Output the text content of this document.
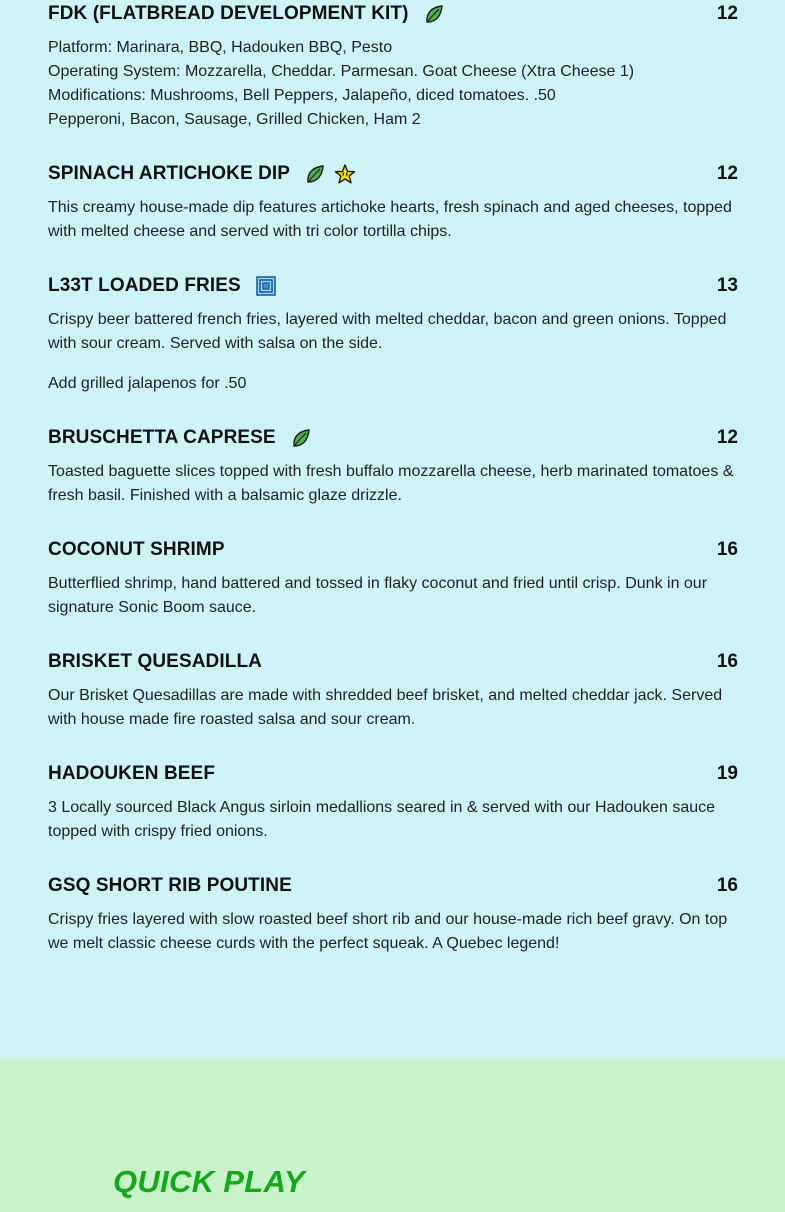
FDK (FLATBREAD DEVELOPMENT KIT)	12

Platform: Marinara, BBQ, Hadouken BBQ, Pesto

Operating System: Mozzarella, Cheddar. Parmesan. Goat Cheese (Xtra Cheese 1)

Modifications: Mushrooms, Bell Peppers, Jalapeño, diced tomatoes. .50

Pepperoni, Bacon, Sausage, Grilled Chicken, Ham 2

SPINACH ARTICHOKE DIP	12

This creamy house-made dip features artichoke hearts, fresh spinach and aged cheeses, topped with melted cheese and served with tri color tortilla chips.

L33T LOADED FRIES	13

Crispy beer battered french fries, layered with melted cheddar, bacon and green onions. Topped with sour cream. Served with salsa on the side.

Add grilled jalapenos for .50

BRUSCHETTA CAPRESE	12

Toasted baguette slices topped with fresh buffalo mozzarella cheese, herb marinated tomatoes & fresh basil. Finished with a balsamic glaze drizzle.

COCONUT SHRIMP	16

Butterflied shrimp, hand battered and tossed in flaky coconut and fried until crisp. Dunk in our signature Sonic Boom sauce.

BRISKET QUESADILLA	16

Our Brisket Quesadillas are made with shredded beef brisket, and melted cheddar jack. Served with house made fire roasted salsa and sour cream.

HADOUKEN BEEF	19

3 Locally sourced Black Angus sirloin medallions seared in & served with our Hadouken sauce topped with crispy fried onions.

GSQ SHORT RIB POUTINE	16

Crispy fries layered with slow roasted beef short rib and our house-made rich beef gravy. On top we melt classic cheese curds with the perfect squeak. A Quebec legend!

QUICK PLAY
